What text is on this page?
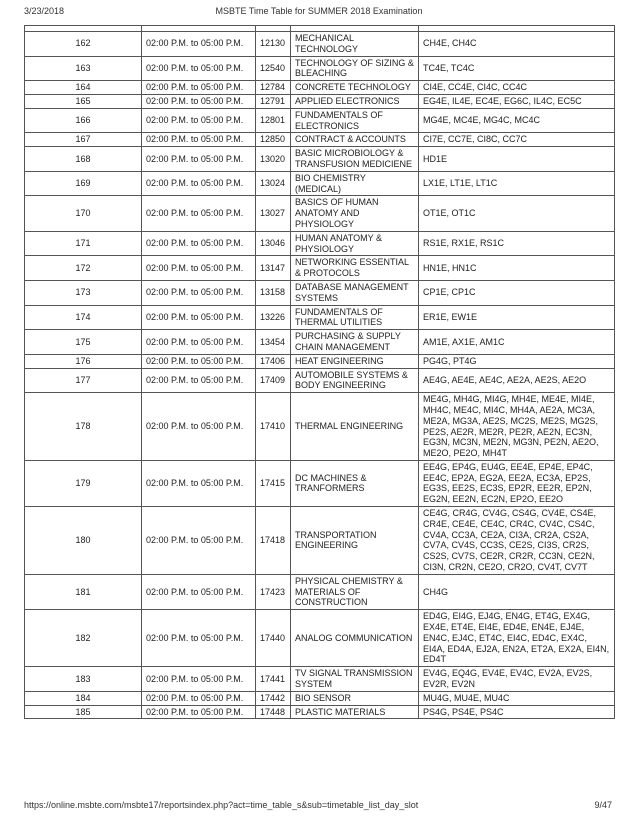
3/23/2018	MSBTE Time Table for SUMMER 2018 Examination

162	02:00 P.M. to 05:00 P.M.	12130	MECHANICAL TECHNOLOGY	CH4E, CH4C
163	02:00 P.M. to 05:00 P.M.	12540	TECHNOLOGY OF SIZING & BLEACHING	TC4E, TC4C
164	02:00 P.M. to 05:00 P.M.	12784	CONCRETE TECHNOLOGY	CI4E, CC4E, CI4C, CC4C
165	02:00 P.M. to 05:00 P.M.	12791	APPLIED ELECTRONICS	EG4E, IL4E, EC4E, EG6C, IL4C, EC5C
166	02:00 P.M. to 05:00 P.M.	12801	FUNDAMENTALS OF ELECTRONICS	MG4E, MC4E, MG4C, MC4C
167	02:00 P.M. to 05:00 P.M.	12850	CONTRACT & ACCOUNTS	CI7E, CC7E, CI8C, CC7C
168	02:00 P.M. to 05:00 P.M.	13020	BASIC MICROBIOLOGY & TRANSFUSION MEDICIENE	HD1E
169	02:00 P.M. to 05:00 P.M.	13024	BIO CHEMISTRY (MEDICAL)	LX1E, LT1E, LT1C
170	02:00 P.M. to 05:00 P.M.	13027	BASICS OF HUMAN ANATOMY AND PHYSIOLOGY	OT1E, OT1C
171	02:00 P.M. to 05:00 P.M.	13046	HUMAN ANATOMY & PHYSIOLOGY	RS1E, RX1E, RS1C
172	02:00 P.M. to 05:00 P.M.	13147	NETWORKING ESSENTIAL & PROTOCOLS	HN1E, HN1C
173	02:00 P.M. to 05:00 P.M.	13158	DATABASE MANAGEMENT SYSTEMS	CP1E, CP1C
174	02:00 P.M. to 05:00 P.M.	13226	FUNDAMENTALS OF THERMAL UTILITIES	ER1E, EW1E
175	02:00 P.M. to 05:00 P.M.	13454	PURCHASING & SUPPLY CHAIN MANAGEMENT	AM1E, AX1E, AM1C
176	02:00 P.M. to 05:00 P.M.	17406	HEAT ENGINEERING	PG4G, PT4G
177	02:00 P.M. to 05:00 P.M.	17409	AUTOMOBILE SYSTEMS & BODY ENGINEERING	AE4G, AE4E, AE4C, AE2A, AE2S, AE2O
178	02:00 P.M. to 05:00 P.M.	17410	THERMAL ENGINEERING	ME4G, MH4G, MI4G, MH4E, ME4E, MI4E, MH4C, ME4C, MI4C, MH4A, AE2A, MC3A, ME2A, MG3A, AE2S, MC2S, ME2S, MG2S, PE2S, AE2R, ME2R, PE2R, AE2N, EC3N, EG3N, MC3N, ME2N, MG3N, PE2N, AE2O, ME2O, PE2O, MH4T
179	02:00 P.M. to 05:00 P.M.	17415	DC MACHINES & TRANFORMERS	EE4G, EP4G, EU4G, EE4E, EP4E, EP4C, EE4C, EP2A, EG2A, EE2A, EC3A, EP2S, EG3S, EE2S, EC3S, EP2R, EE2R, EP2N, EG2N, EE2N, EC2N, EP2O, EE2O
180	02:00 P.M. to 05:00 P.M.	17418	TRANSPORTATION ENGINEERING	CE4G, CR4G, CV4G, CS4G, CV4E, CS4E, CR4E, CE4E, CE4C, CR4C, CV4C, CS4C, CV4A, CC3A, CE2A, CI3A, CR2A, CS2A, CV7A, CV4S, CC3S, CE2S, CI3S, CR2S, CS2S, CV7S, CE2R, CR2R, CC3N, CE2N, CI3N, CR2N, CE2O, CR2O, CV4T, CV7T
181	02:00 P.M. to 05:00 P.M.	17423	PHYSICAL CHEMISTRY & MATERIALS OF CONSTRUCTION	CH4G
182	02:00 P.M. to 05:00 P.M.	17440	ANALOG COMMUNICATION	ED4G, EI4G, EJ4G, EN4G, ET4G, EX4G, EX4E, ET4E, EI4E, ED4E, EN4E, EJ4E, EN4C, EJ4C, ET4C, EI4C, ED4C, EX4C, EI4A, ED4A, EJ2A, EN2A, ET2A, EX2A, EI4N, ED4T
183	02:00 P.M. to 05:00 P.M.	17441	TV SIGNAL TRANSMISSION SYSTEM	EV4G, EQ4G, EV4E, EV4C, EV2A, EV2S, EV2R, EV2N
184	02:00 P.M. to 05:00 P.M.	17442	BIO SENSOR	MU4G, MU4E, MU4C
185	02:00 P.M. to 05:00 P.M.	17448	PLASTIC MATERIALS	PS4G, PS4E, PS4C
https://online.msbte.com/msbte17/reportsindex.php?act=time_table_s&sub=timetable_list_day_slot	9/47
